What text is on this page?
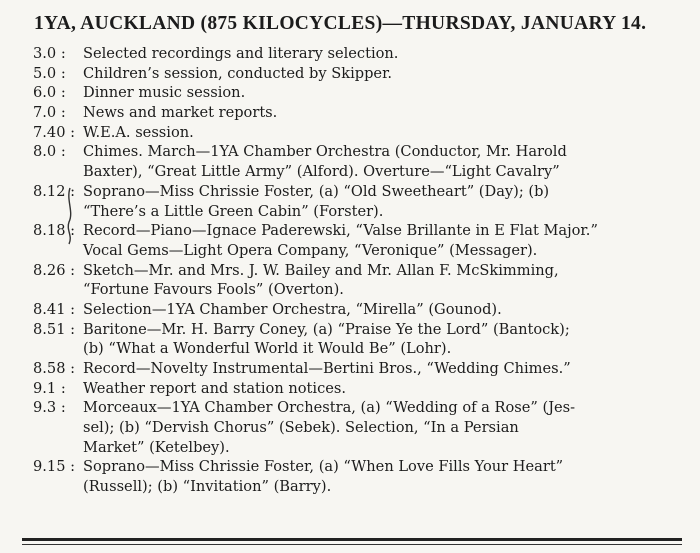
1YA, AUCKLAND (875 KILOCYCLES)—THURSDAY, JANUARY 14.
3.0 :	Selected recordings and literary selection.
5.0 :	Children’s session, conducted by Skipper.
6.0 :	Dinner music session.
7.0 :	News and market reports.
7.40 : W.E.A. session.
8.0 :	Chimes. March—1YA Chamber Orchestra (Conductor, Mr. Harold
Baxter), “Great Little Army” (Alford). Overture—“Light Cavalry”
8.12 : Soprano—Miss Chrissie Foster, (a) “Old Sweetheart” (Day); (b)
“There’s a Little Green Cabin” (Forster).
8.18 : Record—Piano—Ignace Paderewski, “Valse Brillante in E Flat Major.”
Vocal Gems—Light Opera Company, “Veronique” (Messager).
8.26 : Sketch—Mr. and Mrs. J. W. Bailey and Mr. Allan F. McSkimming,
“Fortune Favours Fools” (Overton).
8.41 : Selection—1YA Chamber Orchestra, “Mirella” (Gounod).
8.51 : Baritone—Mr. H. Barry Coney, (a) “Praise Ye the Lord” (Bantock);
(b) “What a Wonderful World it Would Be” (Lohr).
8.58 : Record—Novelty Instrumental—Bertini Bros., “Wedding Chimes.”
9.1 :	Weather report and station notices.
9.3 :	Morceaux—1YA Chamber Orchestra, (a) “Wedding of a Rose” (Jes-
sel); (b) “Dervish Chorus” (Sebek). Selection, “In a Persian
Market” (Ketelbey).
9.15 : Soprano—Miss Chrissie Foster, (a) “When Love Fills Your Heart”
(Russell); (b) “Invitation” (Barry).
